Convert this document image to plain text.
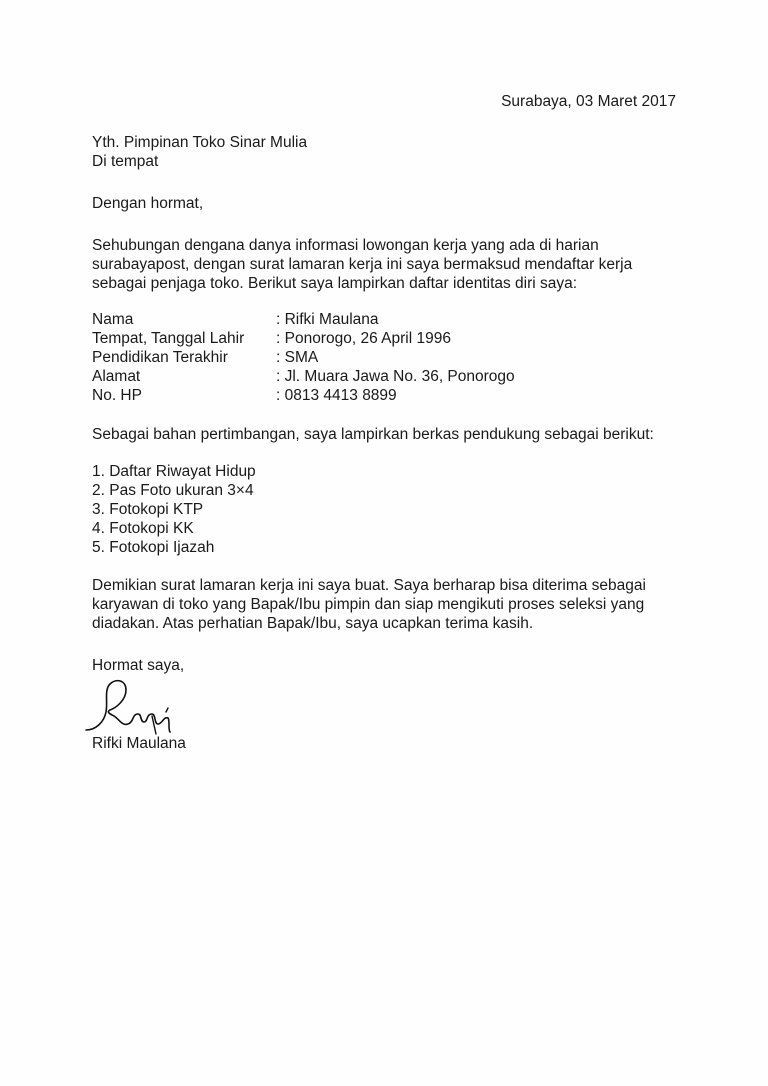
Surabaya, 03 Maret 2017
Yth. Pimpinan Toko Sinar Mulia
Di tempat
Dengan hormat,
Sehubungan dengana danya informasi lowongan kerja yang ada di harian
surabayapost, dengan surat lamaran kerja ini saya bermaksud mendaftar kerja
sebagai penjaga toko. Berikut saya lampirkan daftar identitas diri saya:
Nama	: Rifki Maulana
Tempat, Tanggal Lahir	: Ponorogo, 26 April 1996
Pendidikan Terakhir	: SMA
Alamat	: Jl. Muara Jawa No. 36, Ponorogo
No. HP	: 0813 4413 8899
Sebagai bahan pertimbangan, saya lampirkan berkas pendukung sebagai berikut:
1. Daftar Riwayat Hidup
2. Pas Foto ukuran 3×4
3. Fotokopi KTP
4. Fotokopi KK
5. Fotokopi Ijazah
Demikian surat lamaran kerja ini saya buat. Saya berharap bisa diterima sebagai
karyawan di toko yang Bapak/Ibu pimpin dan siap mengikuti proses seleksi yang
diadakan. Atas perhatian Bapak/Ibu, saya ucapkan terima kasih.
Hormat saya,
Rifki Maulana
